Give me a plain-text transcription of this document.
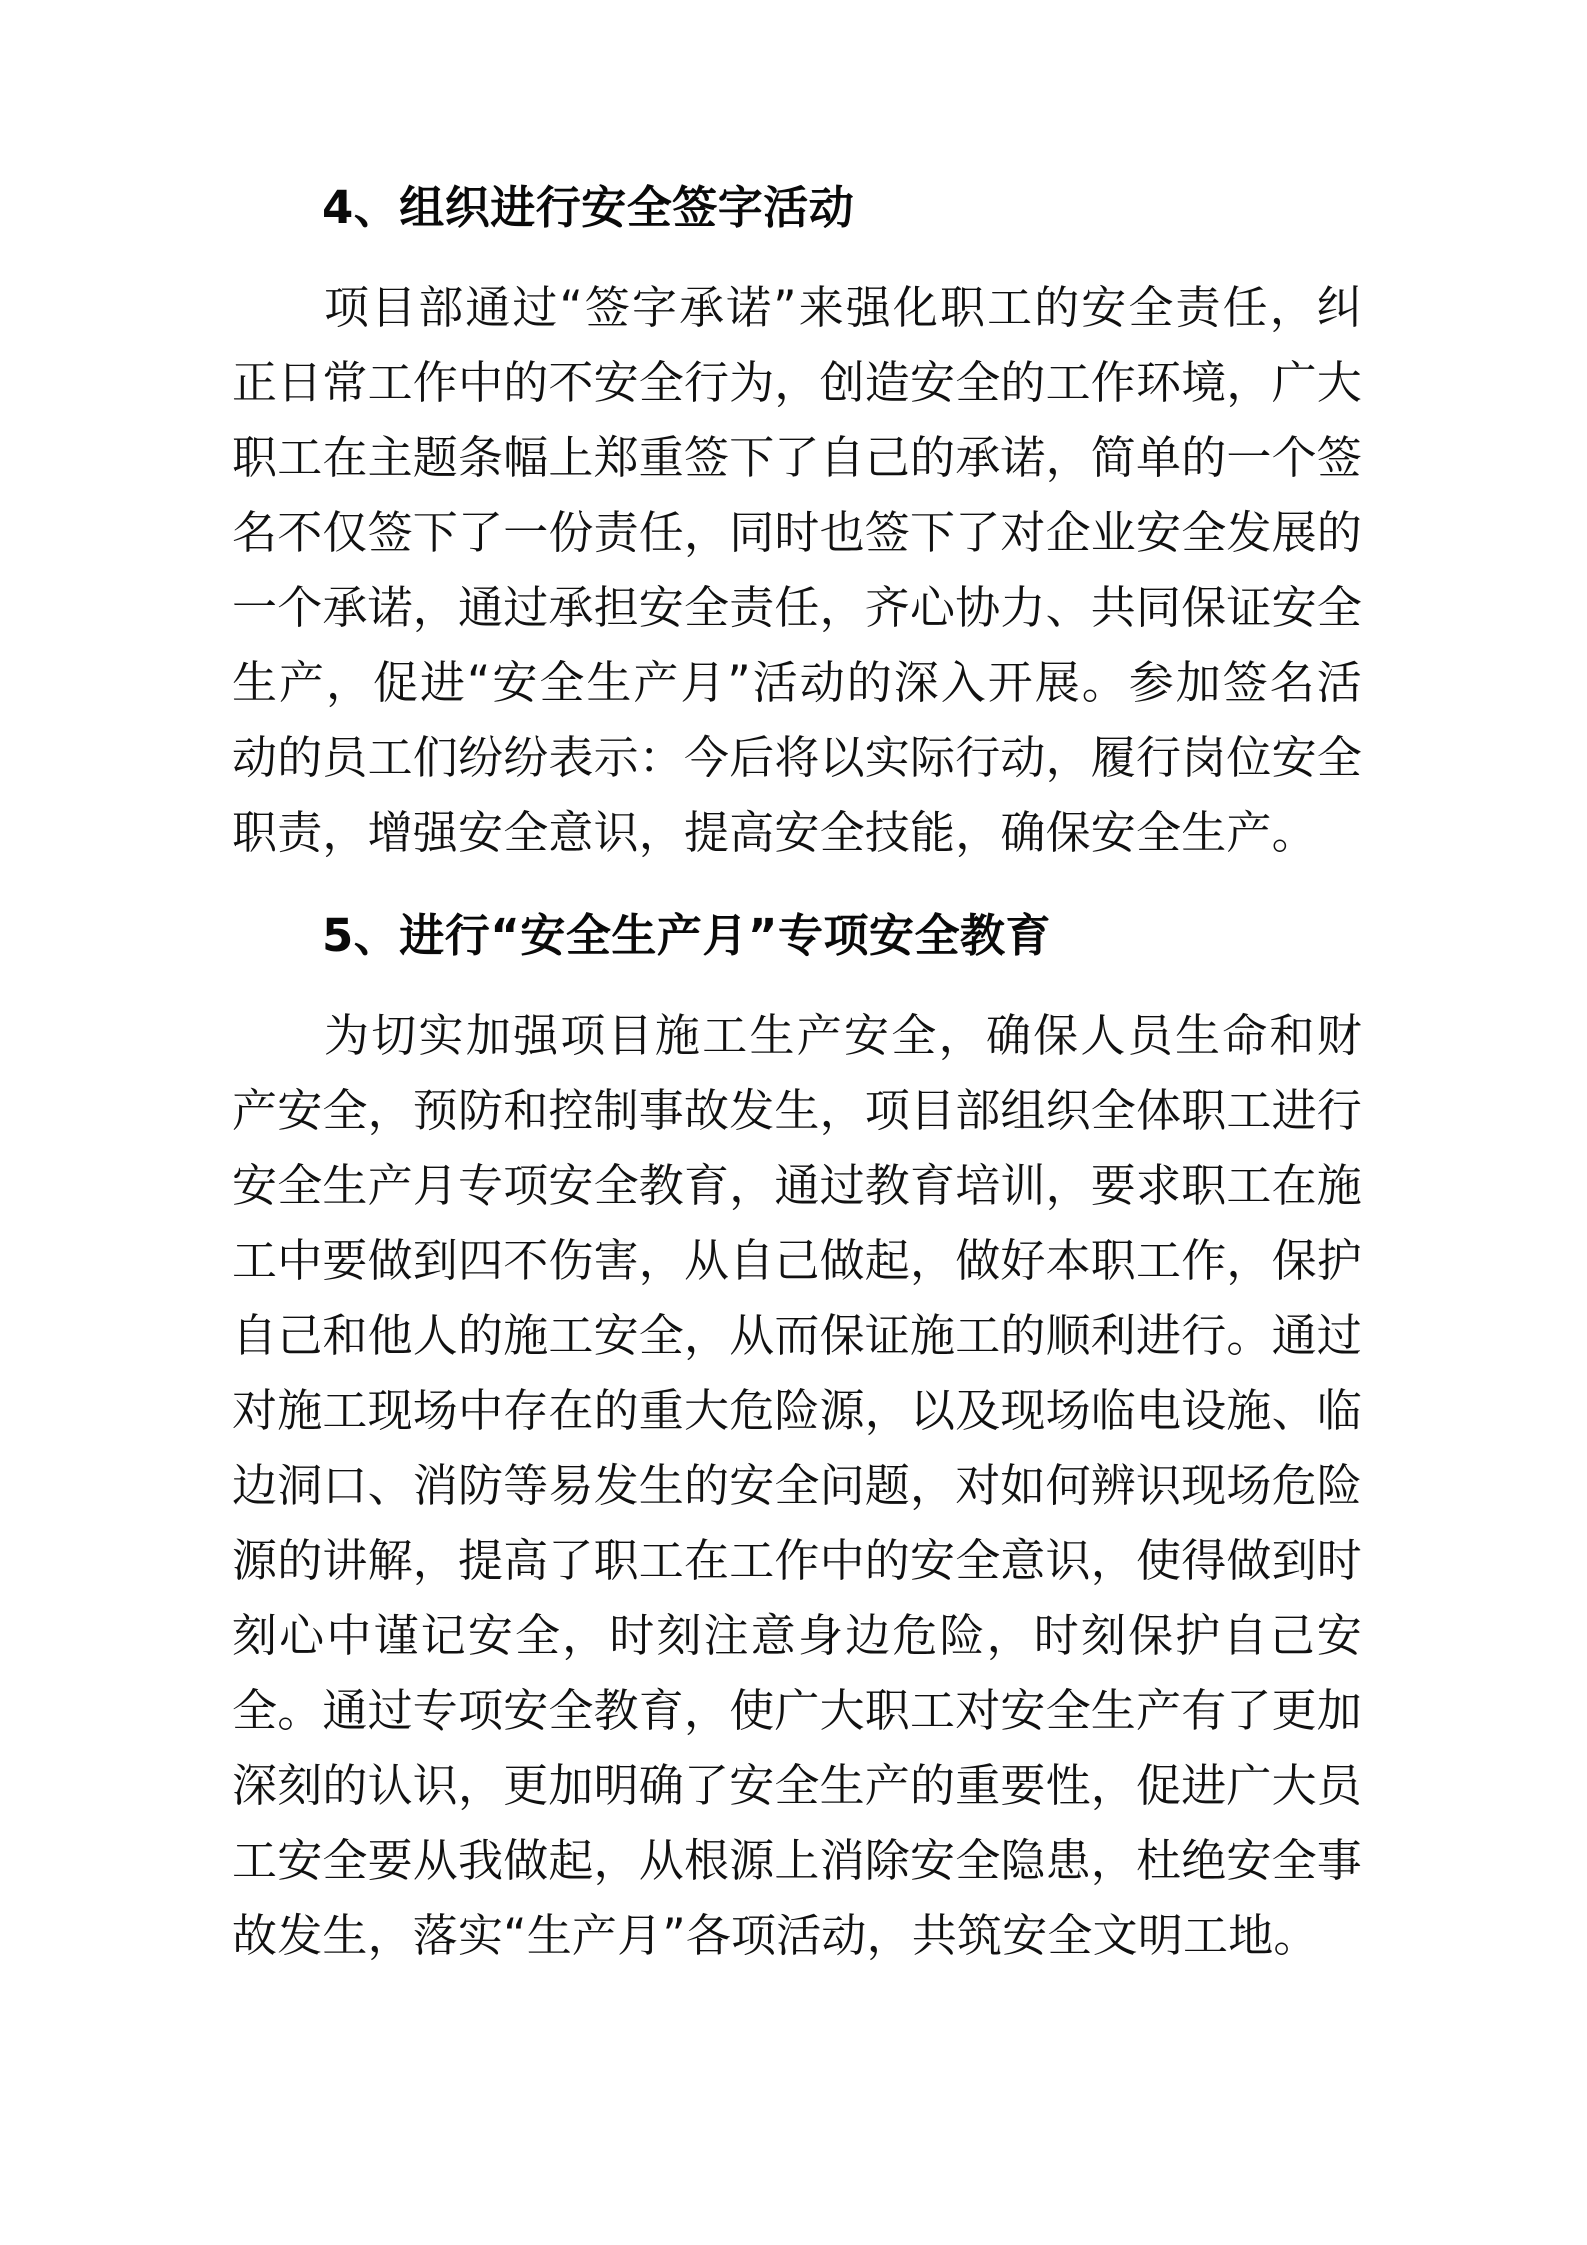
4、组织进行安全签字活动

项目部通过“签字承诺”来强化职工的安全责任，纠正日常工作中的不安全行为，创造安全的工作环境，广大职工在主题条幅上郑重签下了自己的承诺，简单的一个签名不仅签下了一份责任，同时也签下了对企业安全发展的一个承诺，通过承担安全责任，齐心协力、共同保证安全生产，促进“安全生产月”活动的深入开展。参加签名活动的员工们纷纷表示：今后将以实际行动，履行岗位安全职责，增强安全意识，提高安全技能，确保安全生产。

5、进行“安全生产月”专项安全教育

为切实加强项目施工生产安全，确保人员生命和财产安全，预防和控制事故发生，项目部组织全体职工进行安全生产月专项安全教育，通过教育培训，要求职工在施工中要做到四不伤害，从自己做起，做好本职工作，保护自己和他人的施工安全，从而保证施工的顺利进行。通过对施工现场中存在的重大危险源，以及现场临电设施、临边洞口、消防等易发生的安全问题，对如何辨识现场危险源的讲解，提高了职工在工作中的安全意识，使得做到时刻心中谨记安全，时刻注意身边危险，时刻保护自己安全。通过专项安全教育，使广大职工对安全生产有了更加深刻的认识，更加明确了安全生产的重要性，促进广大员工安全要从我做起，从根源上消除安全隐患，杜绝安全事故发生，落实“生产月”各项活动，共筑安全文明工地。
